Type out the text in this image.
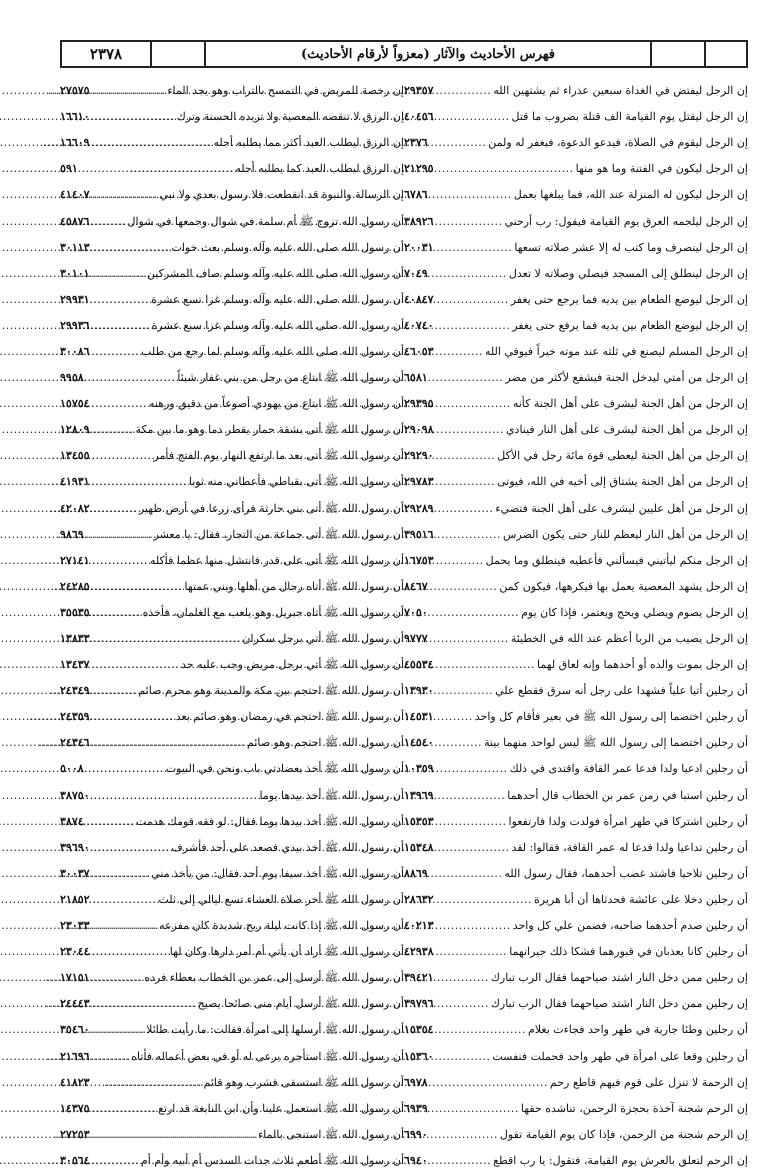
فهرس الأحاديث والآثار (معزواً لأرقام الأحاديث)
٢٣٧٨
إن الرجل ليفتض في الغداة سبعين عذراء ثم يشتهين الله
.....
٢٩٣٥٧
إن الرجل ليقتل يوم القيامة الف قتلة بضروب ما قتل
.....
٤٠٤٥٦
إن الرجل ليقوم في الصلاة، فيدعو الدعوة، فيغفر له ولمن
.....
٢٣٧٦
إن الرجل ليكون في الفتنة وما هو منها
.....
٢١٢٩٥
إن الرجل ليكون له المنزلة عند الله، فما يبلغها بعمل
.....
٦٧٨٦
إن الرجل ليلجمه العرق يوم القيامة فيقول: رب أرحني
.....
٣٨٩٢٦
إن الرجل لينصرف وما كتب له إلا عشر صلاته تسعها
.....
٢٠٠٣١
إن الرجل لينطلق إلى المسجد فيصلي وصلاته لا تعدل
.....
٧٠٤٩
إن الرجل ليوضع الطعام بين يديه فما يرجع حتى يغفر
.....
٤٠٨٤٧
إن الرجل ليوضع الطعام بين يديه فما يرفع حتى يغفر
.....
٤٠٧٤٠
إن الرجل المسلم ليصنع في ثلثه عند موته خيراً فيوفي الله
.....
٤٦٠٥٣
إن الرجل من أمتي ليدخل الجنة فيشفع لأكثر من مضر
.....
٦٥٨١
إن الرجل من أهل الجنة ليشرف على أهل الجنة كأنه
.....
٢٩٣٩٥
إن الرجل من أهل الجنة ليشرف على أهل النار فينادي
.....
٢٩٠٩٨
إن الرجل من أهل الجنة ليعطى قوة مائة رجل في الأكل
.....
٢٩٢٩٠
إن الرجل من أهل الجنة يشتاق إلى أخيه في الله، فيوتى
.....
٢٩٧٨٣
إن الرجل من أهل عليين ليشرف على أهل الجنة فتضيء
.....
٢٩٢٨٩
إن الرجل من أهل النار ليعظم للنار حتى يكون الضرس
.....
٣٩٥١٦
إن الرجل منكم ليأتيني فيسألني فأعطيه فينطلق وما يحمل
.....
١٦٧٥٣
إن الرجل يشهد المعصية يعمل بها فيكرهها، فيكون كمن
.....
٨٤٦٧
إن الرجل يصوم ويصلي ويحج ويعتمر، فإذا كان يوم
.....
٧٠٥٠
إن الرجل يصيب من الربا أعظم عند الله في الخطيئة
.....
٩٧٧٧
إن الرجل يموت والده أو أحدهما وإنه لعاق لهما
.....
٤٥٥٣٤
أن رجلين أتيا علياً فشهدا على رجل أنه سرق فقطع علي
.....
١٣٩٣٠
أن رجلين اختصما إلى رسول الله ﷺ في بعير فأقام كل واحد
.....
١٤٥٣١
أن رجلين اختصما إلى رسول الله ﷺ ليس لواحد منهما بينة
.....
١٤٥٤٠
أن رجلين ادعيا ولدا فدعا عمر القافة واقتدى في ذلك
.....
١٠٣٥٩
أن رجلين استبا في زمن عمر بن الخطاب قال أحدهما
.....
١٣٩٦٩
أن رجلين اشتركا في طهر امرأة فولدت ولدا فارتفعوا
.....
١٥٣٥٣
أن رجلين تداعيا ولدا فدعا له عمر القافة، فقالوا: لقد
.....
١٥٣٤٨
أن رجلين تلاحيا فاشتد غضب أحدهما، فقال رسول الله
.....
٨٨٦٩
أن رجلين دخلا على عائشة فحدثاها أن أبا هريرة
.....
٢٨٦٣٢
أن رجلين صدم أحدهما صاحبه، فضمن علي كل واحد
.....
٤٠٢١٣
أن رجلين كانا يعذبان في قبورهما فشكا ذلك جيرانهما
.....
٤٢٩٣٨
إن رجلين ممن دخل النار اشتد صياحهما فقال الرب تبارك
.....
٣٩٤٢١
إن رجلين ممن دخل النار اشتد صياحهما فقال الرب تبارك
.....
٣٩٧٩٦
أن رجلين وطئا جارية في طهر واحد فجاءت بغلام
.....
١٥٣٥٤
أن رجلين وقعا على امرأة في طهر واحد فحملت فنفست
.....
١٥٣٦٠
إن الرحمة لا تنزل على قوم فيهم قاطع رحم
.....
٦٩٧٨
إن الرحم شجنة آخذة بحجزة الرحمن، تناشده حقها
.....
٦٩٣٩
إن الرحم شجنة من الرحمن، فإذا كان يوم القيامة تقول
.....
٦٩٩٠
إن الرحم لتعلق بالعرش يوم القيامة، فتقول: يا رب اقطع
.....
٦٩٤٠
إن رخصة للمريض في التمسح بالتراب وهو يجد الماء
.....
٢٧٥٧٥
إن الرزق لا تنقصه المعصية ولا تزيده الحسنة وترك
.....
١٦٦١٠
إن الرزق ليطلب العبد أكثر مما يطلبه أجله
.....
١٦٦٠٩
إن الرزق ليطلب العبد كما يطلبه أجله
.....
٥٩١
إن الرسالة والنبوة قد انقطعت فلا رسول بعدي ولا نبي
.....
٤١٤٠٧
أن رسول الله تزوج ﷺ أم سلمة في شوال وجمعها في شوال
.....
٤٥٨٧٦
أن رسول الله صلى الله عليه وآله وسلم بعث خوات
.....
٣٠١١٣
أن رسول الله صلى الله عليه وآله وسلم صاف المشركين
.....
٣٠١٠١
أن رسول الله صلى الله عليه وآله وسلم غزا تسع عشرة
.....
٢٩٩٣١
أن رسول الله صلى الله عليه وآله وسلم غزا سبع عشرة
.....
٢٩٩٣٦
أن رسول الله صلى الله عليه وآله وسلم لما رجع من طلب
.....
٣٠٠٨٦
أن رسول الله ﷺ ابتاع من رجل من بني غفار شيئاً
.....
٩٩٥٨
أن رسول الله ﷺ ابتاع من يهودي أصوعاً من دقيق ورهنه
.....
١٥٧٥٤
أن رسول الله ﷺ أتى بشقة حمار يقطر دما وهو ما بين مكة
.....
١٢٨٠٩
أن رسول الله ﷺ أتى بعد ما ارتفع النهار يوم الفتح فأمر
.....
١٣٤٥٥
أن رسول الله ﷺ أتى بقباطي فأعطاني منه ثوبا
.....
٤١٩٣١
أن رسول الله ﷺ أتى بني حارثة فرأى زرعا في أرض ظهير
.....
٤٢٠٨٢
أن رسول الله ﷺ أتى جماعة من التجار، فقال: يا معشر
.....
٩٨٦٩
أن رسول الله ﷺ أتى على قدر فانتشل منها عظما فأكله
.....
٢٧١٤١
أن رسول الله ﷺ أتاه رجال من أهلها وبني عمتها
.....
٢٤٢٨٥
أن رسول الله ﷺ أتاه جبريل وهو يلعب مع الغلمان، فأخذه
.....
٣٥٥٣٥
أن رسول الله ﷺ أتي برجل سكران
.....
١٣٨٣٣
أن رسول الله ﷺ أتي برجل مريض وجب عليه حد
.....
١٣٤٣٧
أن رسول الله ﷺ احتجم بين مكة والمدينة وهو محرم صائم
.....
٢٤٣٤٩
أن رسول الله ﷺ احتجم في رمضان وهو صائم بعد
.....
٢٤٣٥٩
أن رسول الله ﷺ احتجم وهو صائم
.....
٢٤٣٤٦
أن رسول الله ﷺ أخذ بعضادتي باب ونحن في البيوت
.....
٥٠٠٨
أن رسول الله ﷺ أخذ بيدها يوما
.....
٣٨٧٥٠
أن رسول الله ﷺ أخذ بيدها يوما فقال: لو فقه قومك هدمت
.....
٣٨٧٤
أن رسول الله ﷺ أخذ بيدي فصعد على أحد فأشرف
.....
٣٩٦٩٠
أن رسول الله ﷺ أخذ سيفا يوم أحد فقال: من يأخذ مني
.....
٣٠٠٣٧
أن رسول الله ﷺ أخر صلاة العشاء تسع ليالي إلى ثلث
.....
٢١٨٥٢
أن رسول الله ﷺ إذا كانت ليلة ريح شديدة كان مفزعه
.....
٢٣٠٣٣
أن رسول الله ﷺ أراد أن يأتي أم أمر دارها وكان لها
.....
٢٣٠٤٤
أن رسول الله ﷺ أرسل إلى عمر بن الخطاب بعطاء فرده
.....
١٧١٥١
أن رسول الله ﷺ أرسل أيام منى صائحا يصيح
.....
٢٤٤٤٣
أن رسول الله ﷺ أرسلها إلى امرأة فقالت: ما رأيت طائلا
.....
٣٥٤٦٠
أن رسول الله ﷺ استأجره يرعى له أو في بعض أعماله فأتاه
.....
٢١٦٩٦
أن رسول الله ﷺ استسقى فشرب وهو قائم
.....
٤١٨٢٣
أن رسول الله ﷺ استعمل علينا وأن ابن النابغة قد ارتع
.....
١٤٣٧٥
أن رسول الله ﷺ استنجى بالماء
.....
٢٧٢٥٣
أن رسول الله ﷺ أطعم ثلاث جدات السدس أم أبيه وأم أم
.....
٣٠٥٦٤
